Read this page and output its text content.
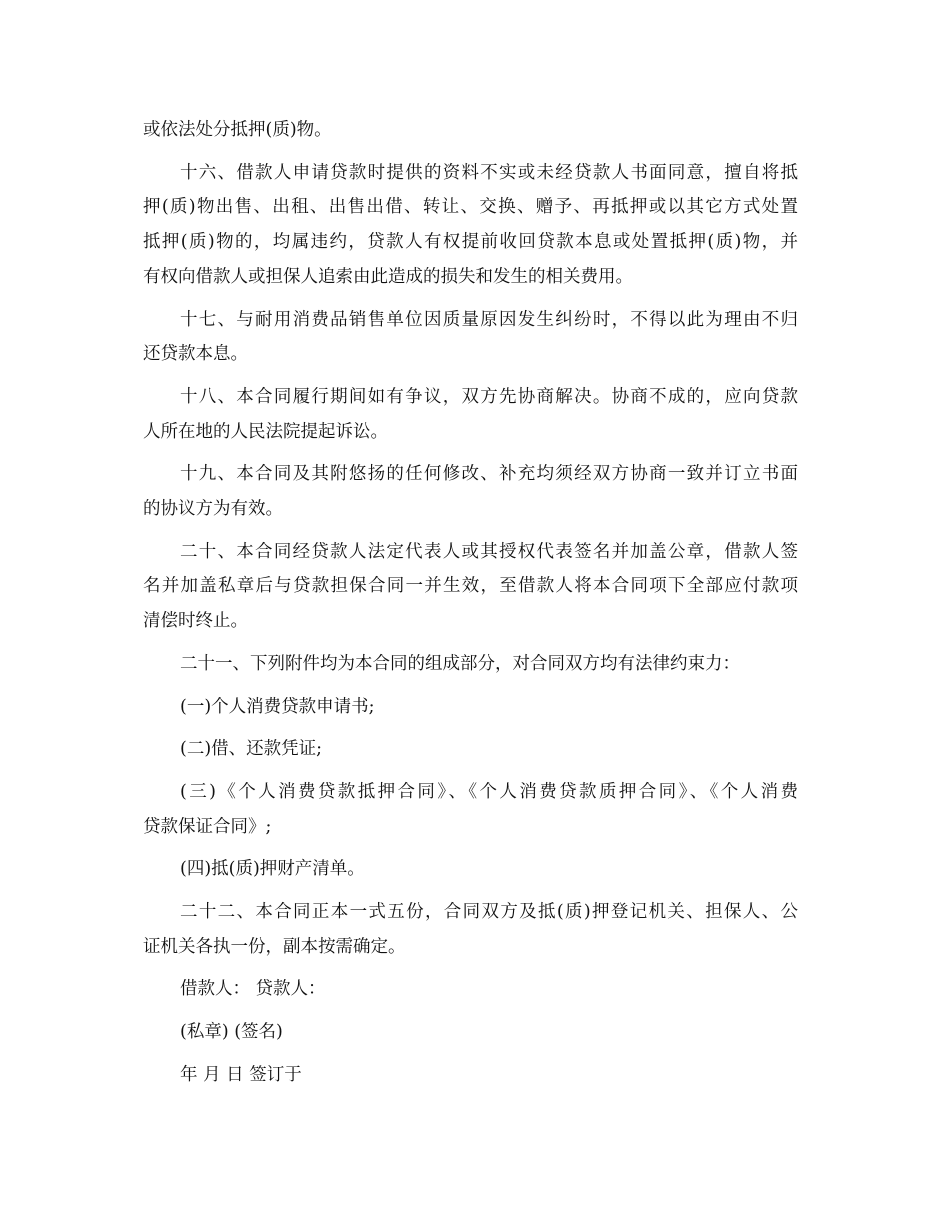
或依法处分抵押(质)物。
十六、借款人申请贷款时提供的资料不实或未经贷款人书面同意，擅自将抵
押(质)物出售、出租、出售出借、转让、交换、赠予、再抵押或以其它方式处置
抵押(质)物的，均属违约，贷款人有权提前收回贷款本息或处置抵押(质)物，并
有权向借款人或担保人追索由此造成的损失和发生的相关费用。
十七、与耐用消费品销售单位因质量原因发生纠纷时，不得以此为理由不归
还贷款本息。
十八、本合同履行期间如有争议，双方先协商解决。协商不成的，应向贷款
人所在地的人民法院提起诉讼。
十九、本合同及其附悠扬的任何修改、补充均须经双方协商一致并订立书面
的协议方为有效。
二十、本合同经贷款人法定代表人或其授权代表签名并加盖公章，借款人签
名并加盖私章后与贷款担保合同一并生效，至借款人将本合同项下全部应付款项
清偿时终止。
二十一、下列附件均为本合同的组成部分，对合同双方均有法律约束力：
(一)个人消费贷款申请书;
(二)借、还款凭证;
(三)《个人消费贷款抵押合同》、《个人消费贷款质押合同》、《个人消费
贷款保证合同》;
(四)抵(质)押财产清单。
二十二、本合同正本一式五份，合同双方及抵(质)押登记机关、担保人、公
证机关各执一份，副本按需确定。
借款人： 贷款人：
(私章) (签名)
年 月 日 签订于
